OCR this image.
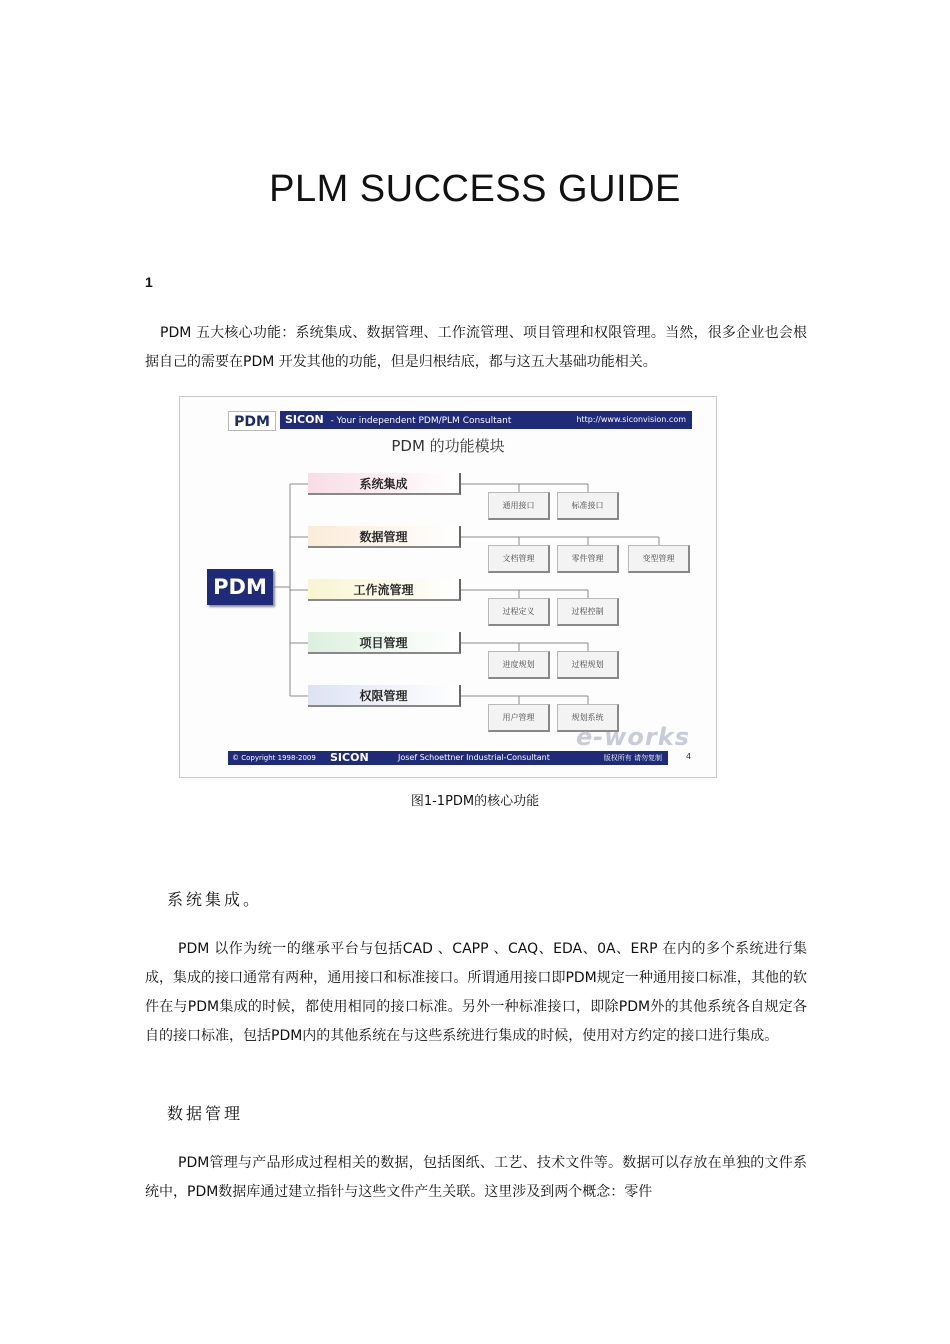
PLM SUCCESS GUIDE
1

PDM 五大核心功能：系统集成、数据管理、工作流管理、项目管理和权限管理。当然，很多企业也会根据自己的需要在PDM 开发其他的功能，但是归根结底，都与这五大基础功能相关。

PDM	SICON - Your independent PDM/PLM Consultant	http://www.siconvision.com
PDM 的功能模块
PDM
系统集成
数据管理
工作流管理
项目管理
权限管理
通用接口	标准接口
文档管理	零件管理	变型管理
过程定义	过程控制
进度规划	过程规划
用户管理	规划系统
e-works
© Copyright 1998-2009 SICON	Josef Schoettner Industrial-Consultant	版权所有 请勿复制	4
图1-1PDM的核心功能
系统集成。

PDM 以作为统一的继承平台与包括CAD 、CAPP 、CAQ、EDA、0A、ERP 在内的多个系统进行集成，集成的接口通常有两种，通用接口和标准接口。所谓通用接口即PDM规定一种通用接口标准，其他的软件在与PDM集成的时候，都使用相同的接口标准。另外一种标准接口，即除PDM外的其他系统各自规定各自的接口标准，包括PDM内的其他系统在与这些系统进行集成的时候，使用对方约定的接口进行集成。

数据管理

PDM管理与产品形成过程相关的数据，包括图纸、工艺、技术文件等。数据可以存放在单独的文件系统中，PDM数据库通过建立指针与这些文件产生关联。这里涉及到两个概念：零件
